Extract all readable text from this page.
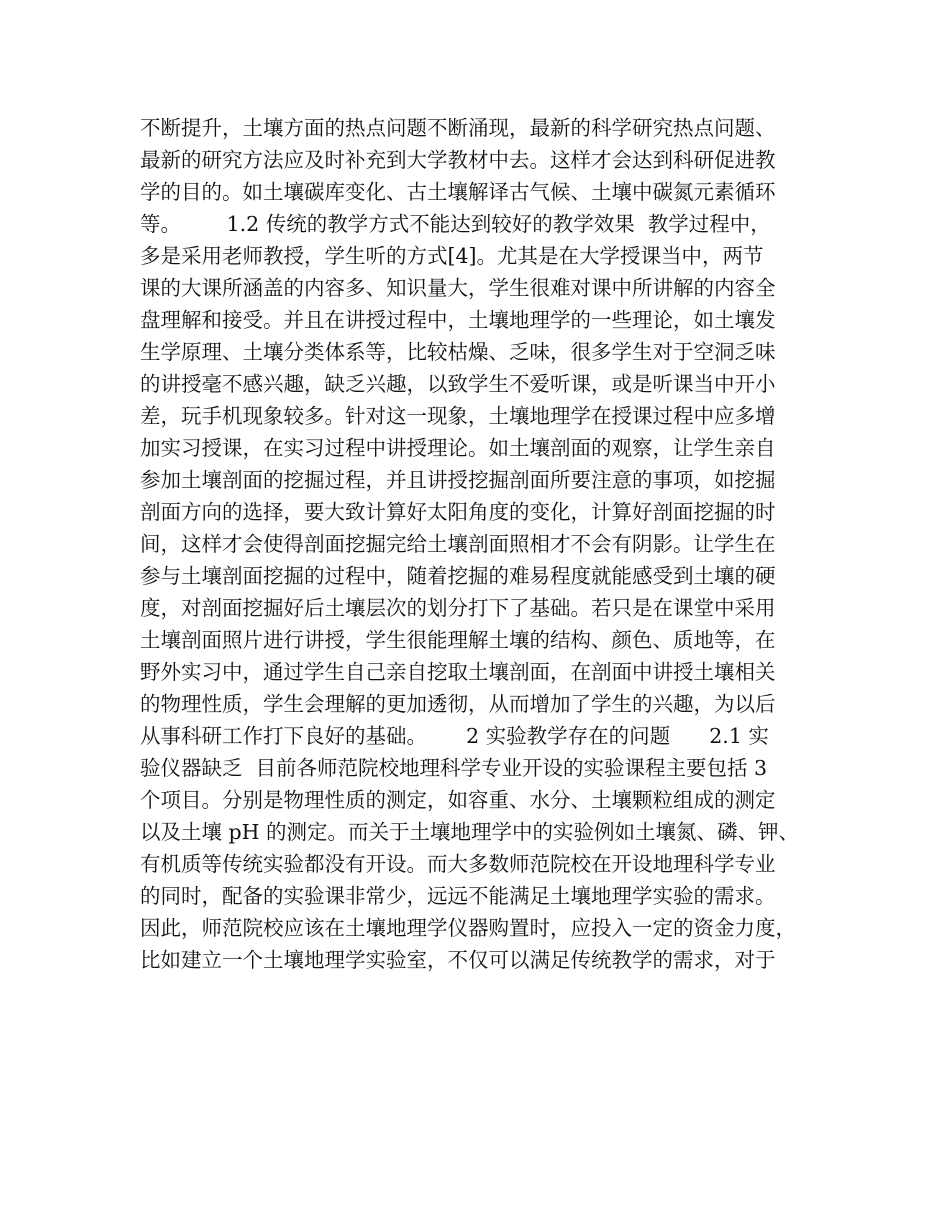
不断提升，土壤方面的热点问题不断涌现，最新的科学研究热点问题、
最新的研究方法应及时补充到大学教材中去。这样才会达到科研促进教
学的目的。如土壤碳库变化、古土壤解译古气候、土壤中碳氮元素循环
等。       1.2 传统的教学方式不能达到较好的教学效果  教学过程中，
多是采用老师教授，学生听的方式[4]。尤其是在大学授课当中，两节
课的大课所涵盖的内容多、知识量大，学生很难对课中所讲解的内容全
盘理解和接受。并且在讲授过程中，土壤地理学的一些理论，如土壤发
生学原理、土壤分类体系等，比较枯燥、乏味，很多学生对于空洞乏味
的讲授毫不感兴趣，缺乏兴趣，以致学生不爱听课，或是听课当中开小
差，玩手机现象较多。针对这一现象，土壤地理学在授课过程中应多增
加实习授课，在实习过程中讲授理论。如土壤剖面的观察，让学生亲自
参加土壤剖面的挖掘过程，并且讲授挖掘剖面所要注意的事项，如挖掘
剖面方向的选择，要大致计算好太阳角度的变化，计算好剖面挖掘的时
间，这样才会使得剖面挖掘完给土壤剖面照相才不会有阴影。让学生在
参与土壤剖面挖掘的过程中，随着挖掘的难易程度就能感受到土壤的硬
度，对剖面挖掘好后土壤层次的划分打下了基础。若只是在课堂中采用
土壤剖面照片进行讲授，学生很能理解土壤的结构、颜色、质地等，在
野外实习中，通过学生自己亲自挖取土壤剖面，在剖面中讲授土壤相关
的物理性质，学生会理解的更加透彻，从而增加了学生的兴趣，为以后
从事科研工作打下良好的基础。      2 实验教学存在的问题      2.1 实
验仪器缺乏  目前各师范院校地理科学专业开设的实验课程主要包括 3
个项目。分别是物理性质的测定，如容重、水分、土壤颗粒组成的测定
以及土壤 pH 的测定。而关于土壤地理学中的实验例如土壤氮、磷、钾、
有机质等传统实验都没有开设。而大多数师范院校在开设地理科学专业
的同时，配备的实验课非常少，远远不能满足土壤地理学实验的需求。
因此，师范院校应该在土壤地理学仪器购置时，应投入一定的资金力度，
比如建立一个土壤地理学实验室，不仅可以满足传统教学的需求，对于
